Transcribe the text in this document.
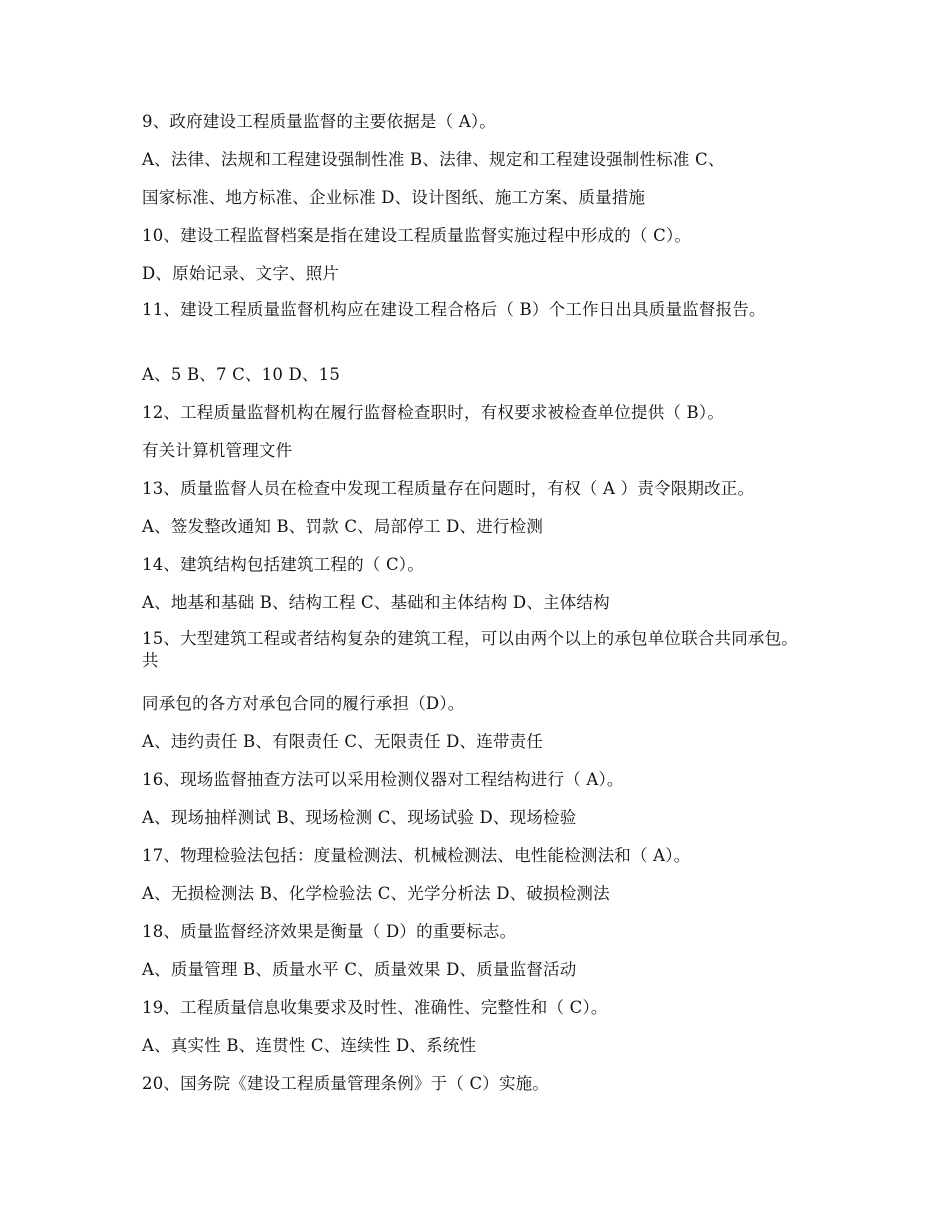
9、政府建设工程质量监督的主要依据是（ A）。
A、法律、法规和工程建设强制性准 B、法律、规定和工程建设强制性标准 C、
国家标准、地方标准、企业标准 D、设计图纸、施工方案、质量措施
10、建设工程监督档案是指在建设工程质量监督实施过程中形成的（ C）。
D、原始记录、文字、照片
11、建设工程质量监督机构应在建设工程合格后（ B）个工作日出具质量监督报告。
A、5 B、7 C、10 D、15
12、工程质量监督机构在履行监督检查职时，有权要求被检查单位提供（ B）。
有关计算机管理文件
13、质量监督人员在检查中发现工程质量存在问题时，有权（ A ）责令限期改正。
A、签发整改通知 B、罚款 C、局部停工 D、进行检测
14、建筑结构包括建筑工程的（ C）。
A、地基和基础 B、结构工程 C、基础和主体结构 D、主体结构
15、大型建筑工程或者结构复杂的建筑工程，可以由两个以上的承包单位联合共同承包。共
同承包的各方对承包合同的履行承担（D）。
A、违约责任 B、有限责任 C、无限责任 D、连带责任
16、现场监督抽查方法可以采用检测仪器对工程结构进行（ A）。
A、现场抽样测试 B、现场检测 C、现场试验 D、现场检验
17、物理检验法包括：度量检测法、机械检测法、电性能检测法和（ A）。
A、无损检测法 B、化学检验法 C、光学分析法 D、破损检测法
18、质量监督经济效果是衡量（ D）的重要标志。
A、质量管理 B、质量水平 C、质量效果 D、质量监督活动
19、工程质量信息收集要求及时性、准确性、完整性和（ C）。
A、真实性 B、连贯性 C、连续性 D、系统性
20、国务院《建设工程质量管理条例》于（ C）实施。
